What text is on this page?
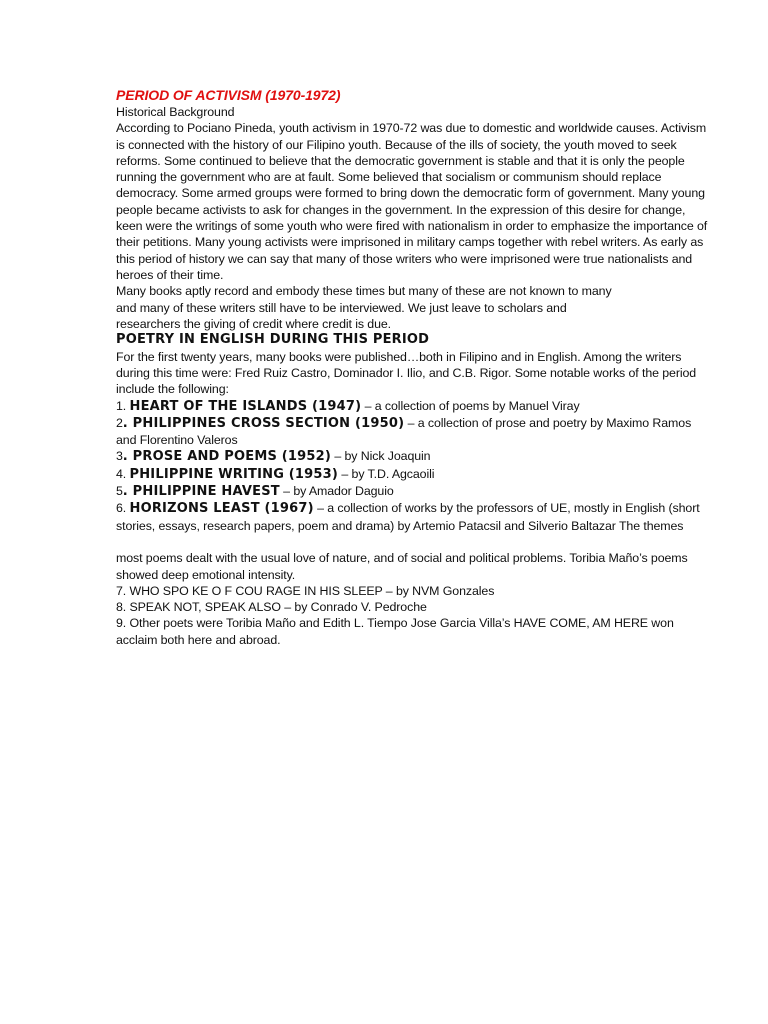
PERIOD OF ACTIVISM (1970-1972)
Historical Background
According to Pociano Pineda, youth activism in 1970-72 was due to domestic and worldwide causes. Activism is connected with the history of our Filipino youth. Because of the ills of society, the youth moved to seek reforms. Some continued to believe that the democratic government is stable and that it is only the people running the government who are at fault. Some believed that socialism or communism should replace democracy. Some armed groups were formed to bring down the democratic form of government. Many young people became activists to ask for changes in the government. In the expression of this desire for change, keen were the writings of some youth who were fired with nationalism in order to emphasize the importance of their petitions. Many young activists were imprisoned in military camps together with rebel writers. As early as this period of history we can say that many of those writers who were imprisoned were true nationalists and heroes of their time.
Many books aptly record and embody these times but many of these are not known to many and many of these writers still have to be interviewed. We just leave to scholars and researchers the giving of credit where credit is due.
POETRY IN ENGLISH DURING THIS PERIOD
For the first twenty years, many books were published…both in Filipino and in English. Among the writers during this time were: Fred Ruiz Castro, Dominador I. Ilio, and C.B. Rigor. Some notable works of the period include the following:
1. HEART OF THE ISLANDS (1947) – a collection of poems by Manuel Viray
2. PHILIPPINES CROSS SECTION (1950) – a collection of prose and poetry by Maximo Ramos and Florentino Valeros
3. PROSE AND POEMS (1952) – by Nick Joaquin
4. PHILIPPINE WRITING (1953) – by T.D. Agcaoili
5. PHILIPPINE HAVEST – by Amador Daguio
6. HORIZONS LEAST (1967) – a collection of works by the professors of UE, mostly in English (short stories, essays, research papers, poem and drama) by Artemio Patacsil and Silverio Baltazar The themes
most poems dealt with the usual love of nature, and of social and political problems. Toribia Maño’s poems showed deep emotional intensity.
7. WHO SPO KE O F COU RAGE IN HIS SLEEP – by NVM Gonzales
8. SPEAK NOT, SPEAK ALSO – by Conrado V. Pedroche
9. Other poets were Toribia Maño and Edith L. Tiempo Jose Garcia Villa’s HAVE COME, AM HERE won acclaim both here and abroad.
